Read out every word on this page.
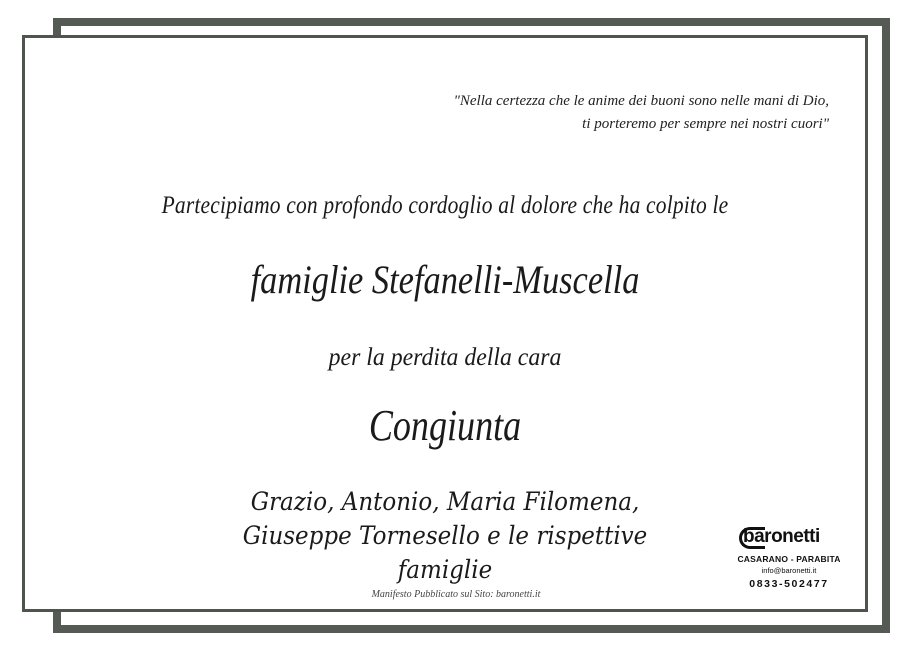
"Nella certezza che le anime dei buoni sono nelle mani di Dio,
ti porteremo per sempre nei nostri cuori"
Partecipiamo con profondo cordoglio al dolore che ha colpito le
famiglie Stefanelli-Muscella
per la perdita della cara
Congiunta
Grazio, Antonio, Maria Filomena,
Giuseppe Tornesello e le rispettive
famiglie
Manifesto Pubblicato sul Sito: baronetti.it
baronetti
CASARANO - PARABITA
info@baronetti.it
0833-502477
